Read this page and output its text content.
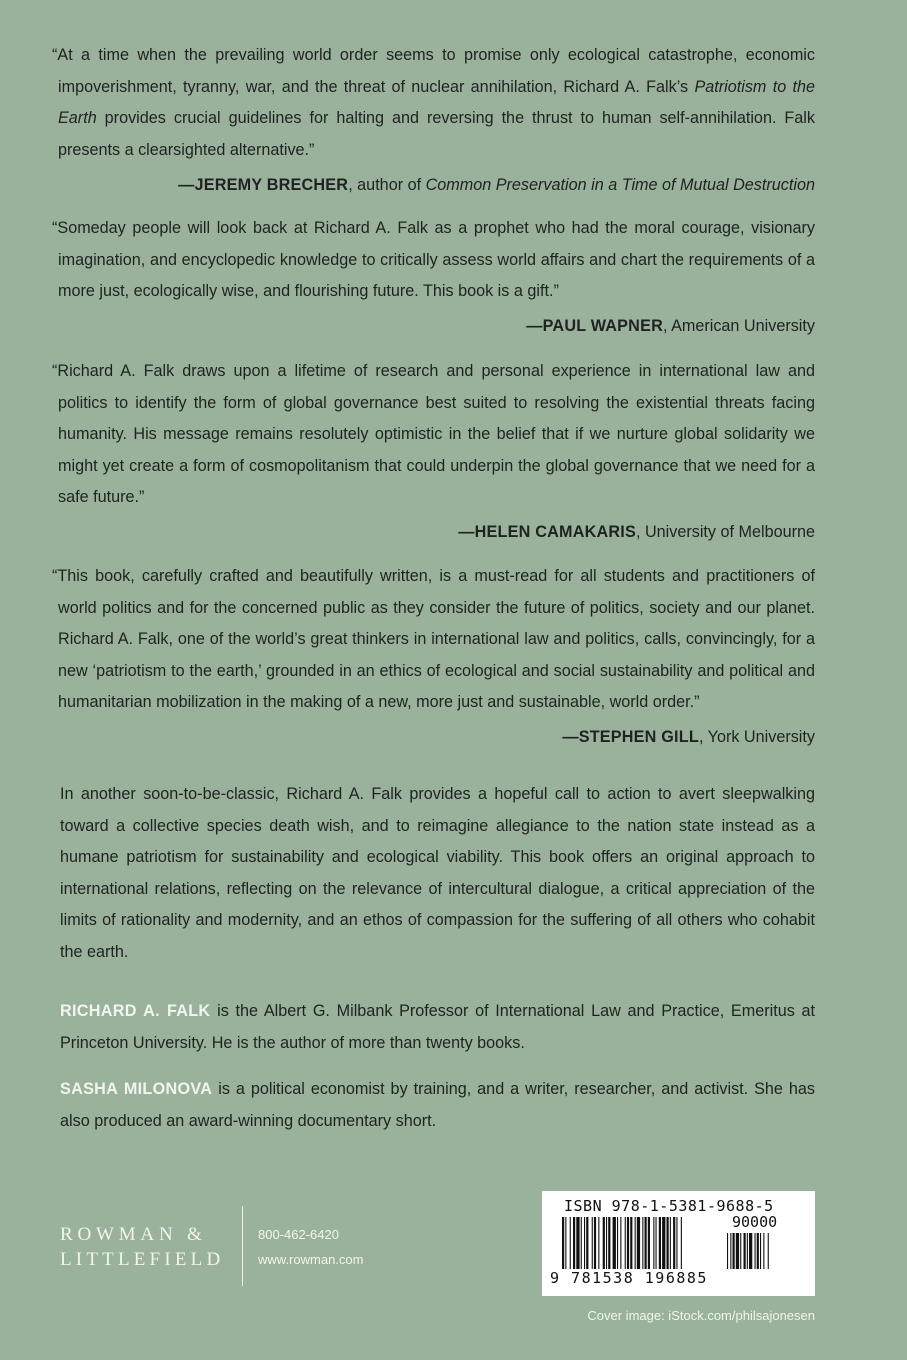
“At a time when the prevailing world order seems to promise only ecological catastrophe, economic impoverishment, tyranny, war, and the threat of nuclear annihilation, Richard A. Falk’s Patriotism to the Earth provides crucial guidelines for halting and reversing the thrust to human self-annihilation. Falk presents a clearsighted alternative.”

—JEREMY BRECHER, author of Common Preservation in a Time of Mutual Destruction

“Someday people will look back at Richard A. Falk as a prophet who had the moral courage, visionary imagination, and encyclopedic knowledge to critically assess world affairs and chart the requirements of a more just, ecologically wise, and flourishing future. This book is a gift.”

—PAUL WAPNER, American University

“Richard A. Falk draws upon a lifetime of research and personal experience in international law and politics to identify the form of global governance best suited to resolving the existential threats facing humanity. His message remains resolutely optimistic in the belief that if we nurture global solidarity we might yet create a form of cosmopolitanism that could underpin the global governance that we need for a safe future.”

—HELEN CAMAKARIS, University of Melbourne

“This book, carefully crafted and beautifully written, is a must-read for all students and practitioners of world politics and for the concerned public as they consider the future of politics, society and our planet. Richard A. Falk, one of the world’s great thinkers in international law and politics, calls, convincingly, for a new ‘patriotism to the earth,’ grounded in an ethics of ecological and social sustainability and political and humanitarian mobilization in the making of a new, more just and sustainable, world order.”

—STEPHEN GILL, York University

In another soon-to-be-classic, Richard A. Falk provides a hopeful call to action to avert sleepwalking toward a collective species death wish, and to reimagine allegiance to the nation state instead as a humane patriotism for sustainability and ecological viability. This book offers an original approach to international relations, reflecting on the relevance of intercultural dialogue, a critical appreciation of the limits of rationality and modernity, and an ethos of compassion for the suffering of all others who cohabit the earth.

RICHARD A. FALK is the Albert G. Milbank Professor of International Law and Practice, Emeritus at Princeton University. He is the author of more than twenty books.

SASHA MILONOVA is a political economist by training, and a writer, researcher, and activist. She has also produced an award-winning documentary short.

ROWMAN &
LITTLEFIELD
800-462-6420
www.rowman.com
ISBN 978-1-5381-9688-5
90000
9 781538 196885
Cover image: iStock.com/philsajonesen
